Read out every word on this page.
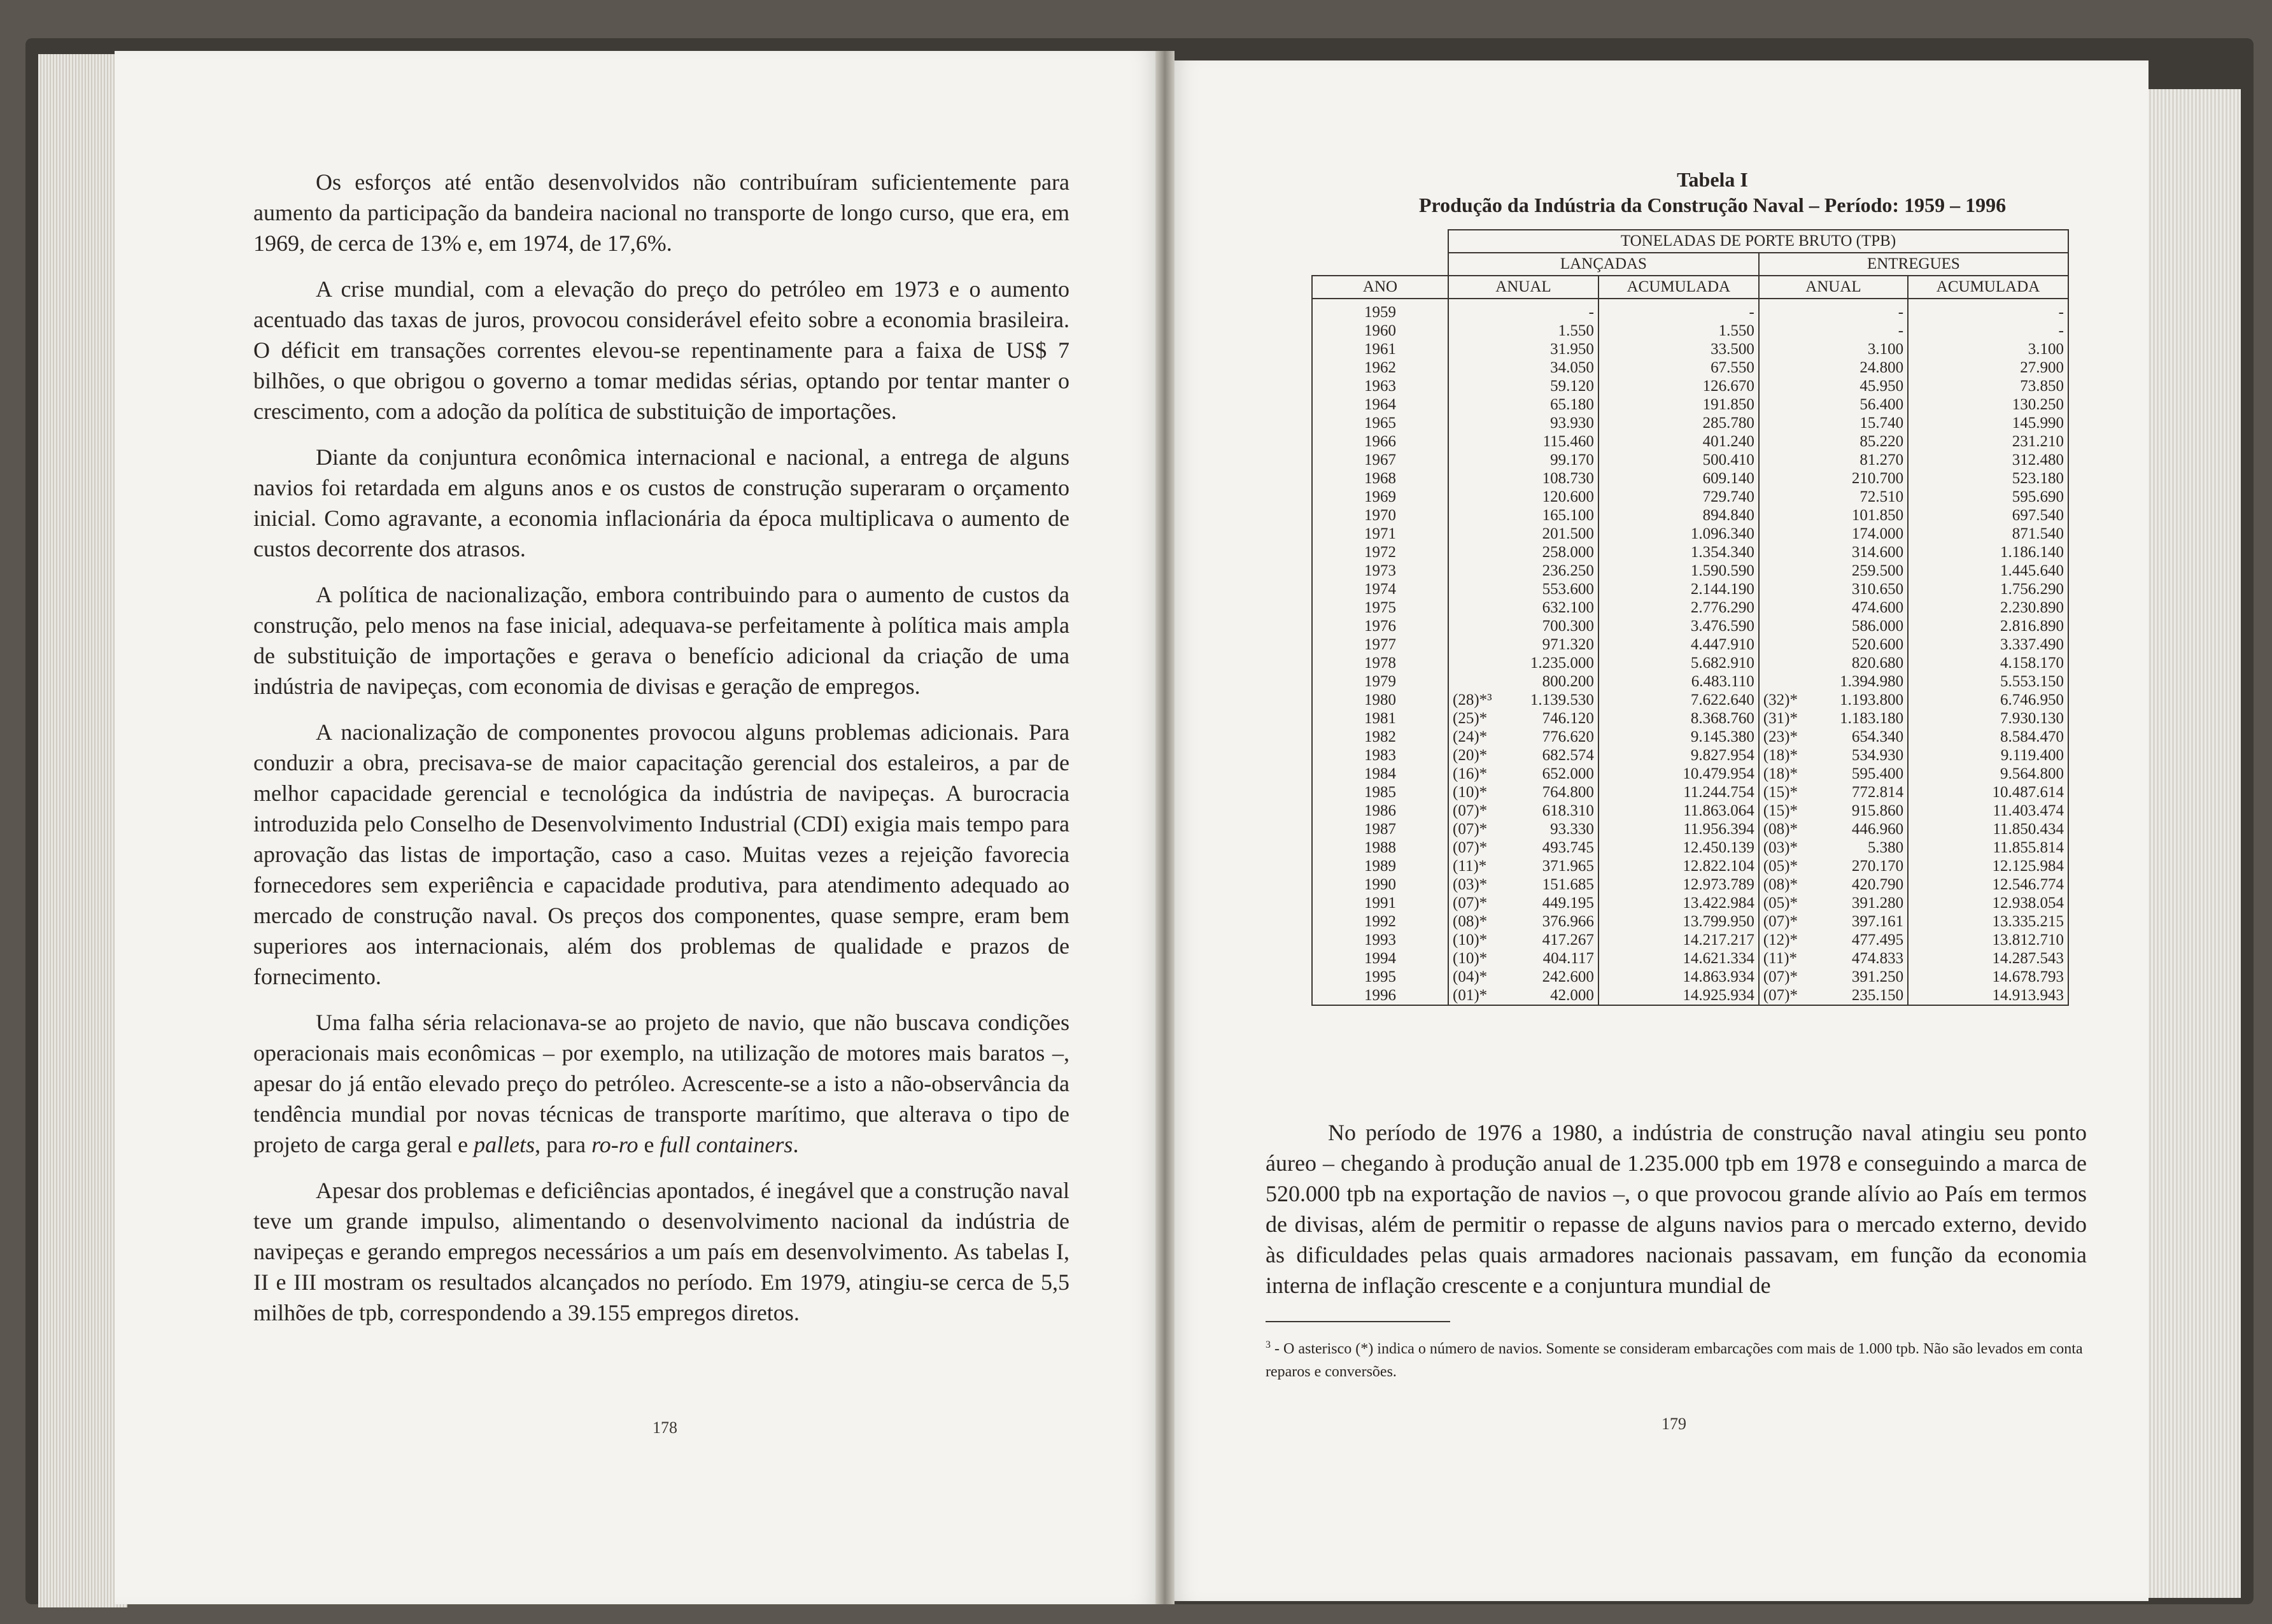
Os esforços até então desenvolvidos não contribuíram suficientemente para aumento da participação da bandeira nacional no transporte de longo curso, que era, em 1969, de cerca de 13% e, em 1974, de 17,6%.

A crise mundial, com a elevação do preço do petróleo em 1973 e o aumento acentuado das taxas de juros, provocou considerável efeito sobre a economia brasileira. O déficit em transações correntes elevou-se repentinamente para a faixa de US$ 7 bilhões, o que obrigou o governo a tomar medidas sérias, optando por tentar manter o crescimento, com a adoção da política de substituição de importações.

Diante da conjuntura econômica internacional e nacional, a entrega de alguns navios foi retardada em alguns anos e os custos de construção superaram o orçamento inicial. Como agravante, a economia inflacionária da época multiplicava o aumento de custos decorrente dos atrasos.

A política de nacionalização, embora contribuindo para o aumento de custos da construção, pelo menos na fase inicial, adequava-se perfeitamente à política mais ampla de substituição de importações e gerava o benefício adicional da criação de uma indústria de navipeças, com economia de divisas e geração de empregos.

A nacionalização de componentes provocou alguns problemas adicionais. Para conduzir a obra, precisava-se de maior capacitação gerencial dos estaleiros, a par de melhor capacidade gerencial e tecnológica da indústria de navipeças. A burocracia introduzida pelo Conselho de Desenvolvimento Industrial (CDI) exigia mais tempo para aprovação das listas de importação, caso a caso. Muitas vezes a rejeição favorecia fornecedores sem experiência e capacidade produtiva, para atendimento adequado ao mercado de construção naval. Os preços dos componentes, quase sempre, eram bem superiores aos internacionais, além dos problemas de qualidade e prazos de fornecimento.

Uma falha séria relacionava-se ao projeto de navio, que não buscava condições operacionais mais econômicas – por exemplo, na utilização de motores mais baratos –, apesar do já então elevado preço do petróleo. Acrescente-se a isto a não-observância da tendência mundial por novas técnicas de transporte marítimo, que alterava o tipo de projeto de carga geral e pallets, para ro-ro e full containers.

Apesar dos problemas e deficiências apontados, é inegável que a construção naval teve um grande impulso, alimentando o desenvolvimento nacional da indústria de navipeças e gerando empregos necessários a um país em desenvolvimento. As tabelas I, II e III mostram os resultados alcançados no período. Em 1979, atingiu-se cerca de 5,5 milhões de tpb, correspondendo a 39.155 empregos diretos.

178
Tabela I
Produção da Indústria da Construção Naval – Período: 1959 – 1996
	TONELADAS DE PORTE BRUTO (TPB)					
	LANÇADAS			ENTREGUES		
ANO	ANUAL		ACUMULADA	ANUAL		ACUMULADA
1959		-	-		-	-
1960		1.550	1.550		-	-
1961		31.950	33.500		3.100	3.100
1962		34.050	67.550		24.800	27.900
1963		59.120	126.670		45.950	73.850
1964		65.180	191.850		56.400	130.250
1965		93.930	285.780		15.740	145.990
1966		115.460	401.240		85.220	231.210
1967		99.170	500.410		81.270	312.480
1968		108.730	609.140		210.700	523.180
1969		120.600	729.740		72.510	595.690
1970		165.100	894.840		101.850	697.540
1971		201.500	1.096.340		174.000	871.540
1972		258.000	1.354.340		314.600	1.186.140
1973		236.250	1.590.590		259.500	1.445.640
1974		553.600	2.144.190		310.650	1.756.290
1975		632.100	2.776.290		474.600	2.230.890
1976		700.300	3.476.590		586.000	2.816.890
1977		971.320	4.447.910		520.600	3.337.490
1978		1.235.000	5.682.910		820.680	4.158.170
1979		800.200	6.483.110		1.394.980	5.553.150
1980	(28)*³	1.139.530	7.622.640	(32)*	1.193.800	6.746.950
1981	(25)*	746.120	8.368.760	(31)*	1.183.180	7.930.130
1982	(24)*	776.620	9.145.380	(23)*	654.340	8.584.470
1983	(20)*	682.574	9.827.954	(18)*	534.930	9.119.400
1984	(16)*	652.000	10.479.954	(18)*	595.400	9.564.800
1985	(10)*	764.800	11.244.754	(15)*	772.814	10.487.614
1986	(07)*	618.310	11.863.064	(15)*	915.860	11.403.474
1987	(07)*	93.330	11.956.394	(08)*	446.960	11.850.434
1988	(07)*	493.745	12.450.139	(03)*	5.380	11.855.814
1989	(11)*	371.965	12.822.104	(05)*	270.170	12.125.984
1990	(03)*	151.685	12.973.789	(08)*	420.790	12.546.774
1991	(07)*	449.195	13.422.984	(05)*	391.280	12.938.054
1992	(08)*	376.966	13.799.950	(07)*	397.161	13.335.215
1993	(10)*	417.267	14.217.217	(12)*	477.495	13.812.710
1994	(10)*	404.117	14.621.334	(11)*	474.833	14.287.543
1995	(04)*	242.600	14.863.934	(07)*	391.250	14.678.793
1996	(01)*	42.000	14.925.934	(07)*	235.150	14.913.943

No período de 1976 a 1980, a indústria de construção naval atingiu seu ponto áureo – chegando à produção anual de 1.235.000 tpb em 1978 e conseguindo a marca de 520.000 tpb na exportação de navios –, o que provocou grande alívio ao País em termos de divisas, além de permitir o repasse de alguns navios para o mercado externo, devido às dificuldades pelas quais armadores nacionais passavam, em função da economia interna de inflação crescente e a conjuntura mundial de

$^3$ - O asterisco (*) indica o número de navios. Somente se consideram embarcações com mais de 1.000 tpb. Não são levados em conta reparos e conversões.
179
